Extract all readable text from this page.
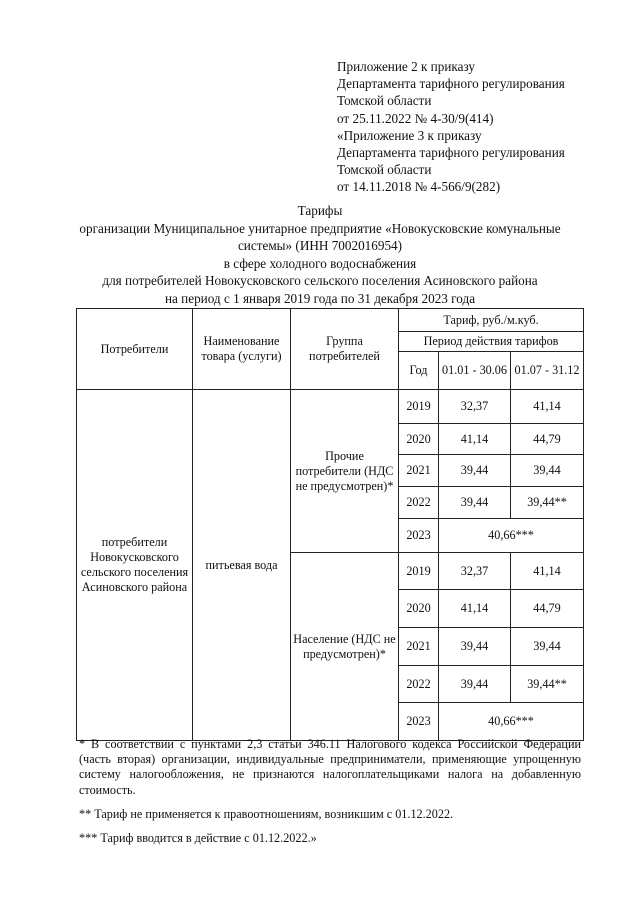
Приложение 2 к приказу
Департамента тарифного регулирования
Томской области
от 25.11.2022 № 4-30/9(414)
«Приложение 3 к приказу
Департамента тарифного регулирования
Томской области
от 14.11.2018 № 4-566/9(282)
Тарифы
организации Муниципальное унитарное предприятие «Новокусковские комунальные
системы» (ИНН 7002016954)
в сфере холодного водоснабжения
для потребителей Новокусковского сельского поселения Асиновского района
на период с 1 января 2019 года по 31 декабря 2023 года
Потребители	Наименование товара (услуги)	Группа потребителей	Тариф, руб./м.куб.		
			Период действия тарифов		
			Год	01.01 - 30.06	01.07 - 31.12
потребители Новокусковского сельского поселения Асиновского района	питьевая вода	Прочие потребители (НДС не предусмотрен)*	2019	32,37	41,14
			2020	41,14	44,79
			2021	39,44	39,44
			2022	39,44	39,44**
			2023	40,66***	
		Население (НДС не предусмотрен)*	2019	32,37	41,14
			2020	41,14	44,79
			2021	39,44	39,44
			2022	39,44	39,44**
			2023	40,66***	

* В соответствии с пунктами 2,3 статьи 346.11 Налогового кодекса Российской Федерации (часть вторая) организации, индивидуальные предприниматели, применяющие упрощенную систему налогообложения, не признаются налогоплательщиками налога на добавленную стоимость.

** Тариф не применяется к правоотношениям, возникшим с 01.12.2022.

*** Тариф вводится в действие с 01.12.2022.»
